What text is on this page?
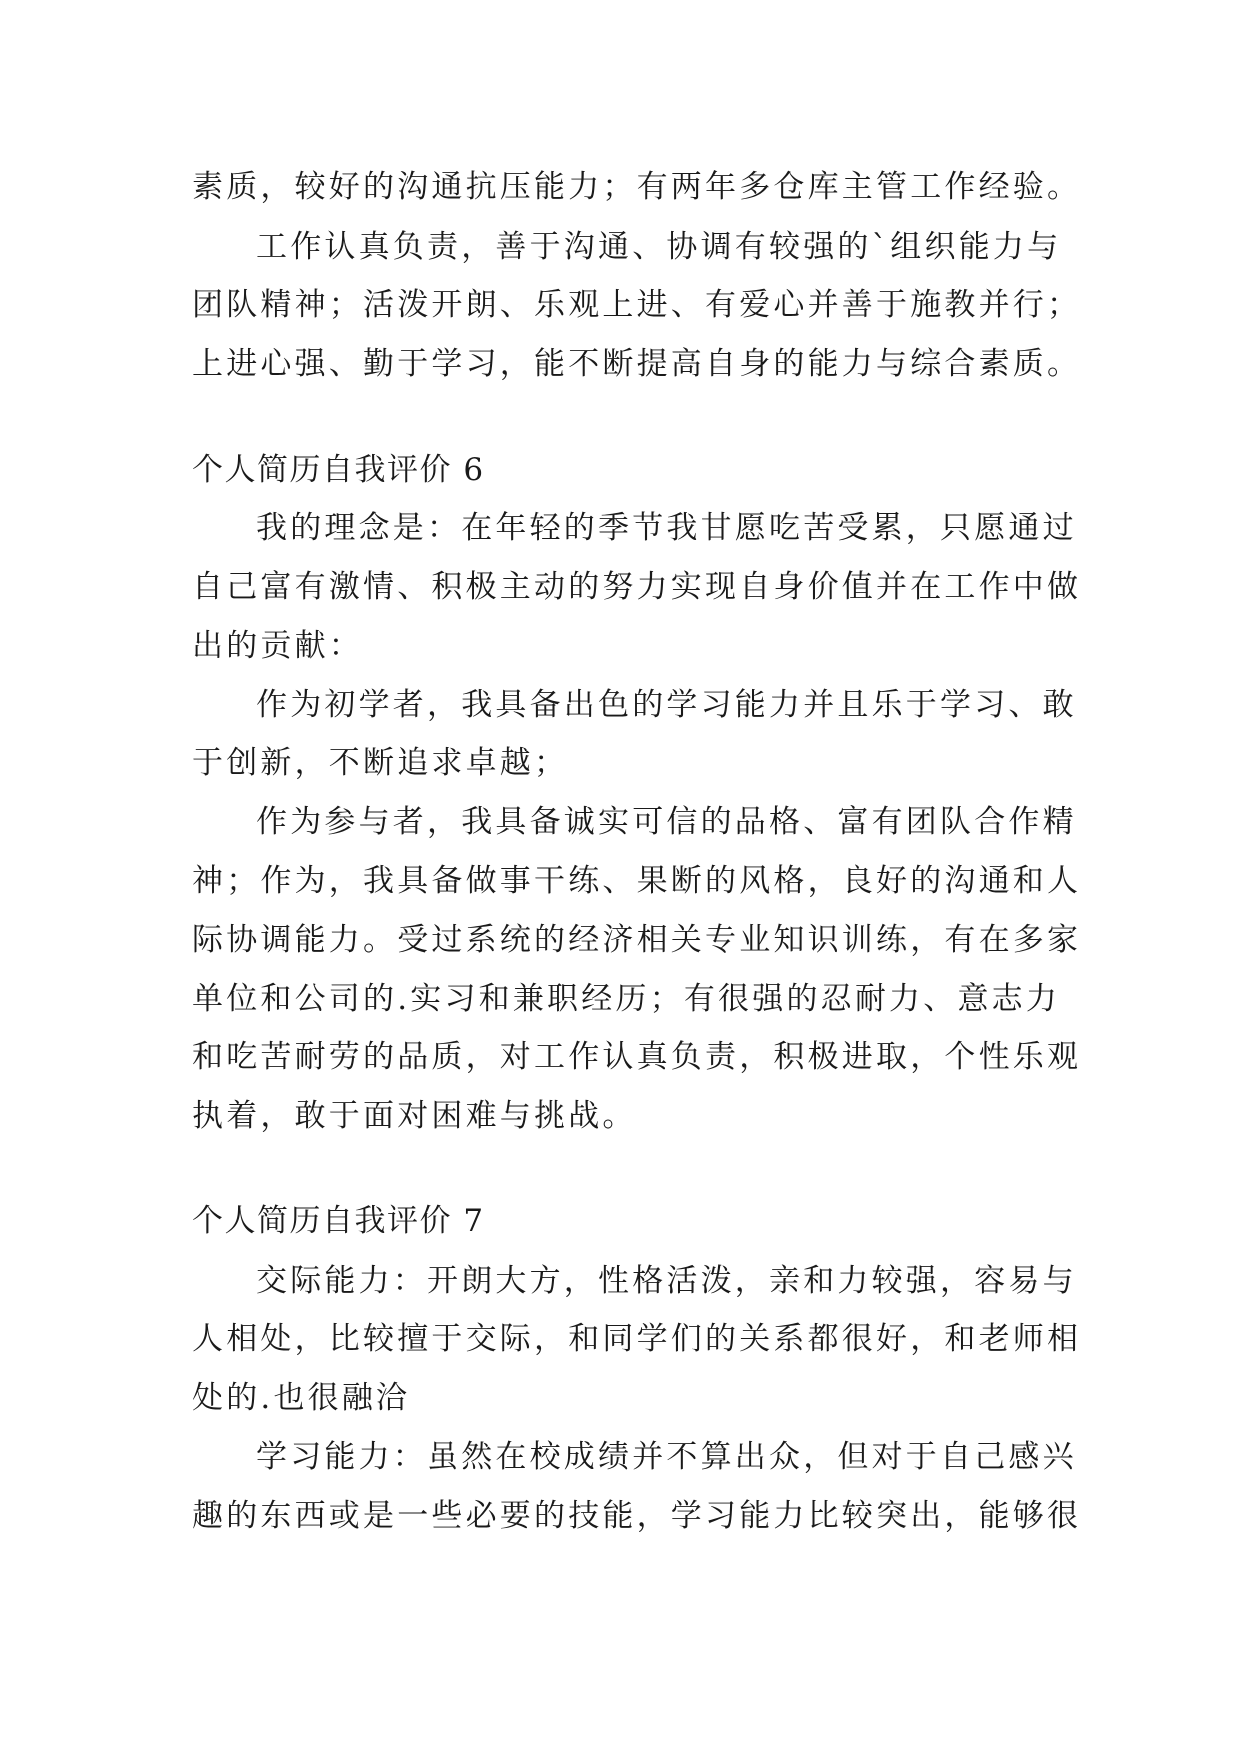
素质，较好的沟通抗压能力；有两年多仓库主管工作经验。
工作认真负责，善于沟通、协调有较强的`组织能力与
团队精神；活泼开朗、乐观上进、有爱心并善于施教并行；
上进心强、勤于学习，能不断提高自身的能力与综合素质。
个人简历自我评价 6
我的理念是：在年轻的季节我甘愿吃苦受累，只愿通过
自己富有激情、积极主动的努力实现自身价值并在工作中做
出的贡献：
作为初学者，我具备出色的学习能力并且乐于学习、敢
于创新，不断追求卓越；
作为参与者，我具备诚实可信的品格、富有团队合作精
神；作为，我具备做事干练、果断的风格，良好的沟通和人
际协调能力。受过系统的经济相关专业知识训练，有在多家
单位和公司的.实习和兼职经历；有很强的忍耐力、意志力
和吃苦耐劳的品质，对工作认真负责，积极进取，个性乐观
执着，敢于面对困难与挑战。
个人简历自我评价 7
交际能力：开朗大方，性格活泼，亲和力较强，容易与
人相处，比较擅于交际，和同学们的关系都很好，和老师相
处的.也很融洽
学习能力：虽然在校成绩并不算出众，但对于自己感兴
趣的东西或是一些必要的技能，学习能力比较突出，能够很
